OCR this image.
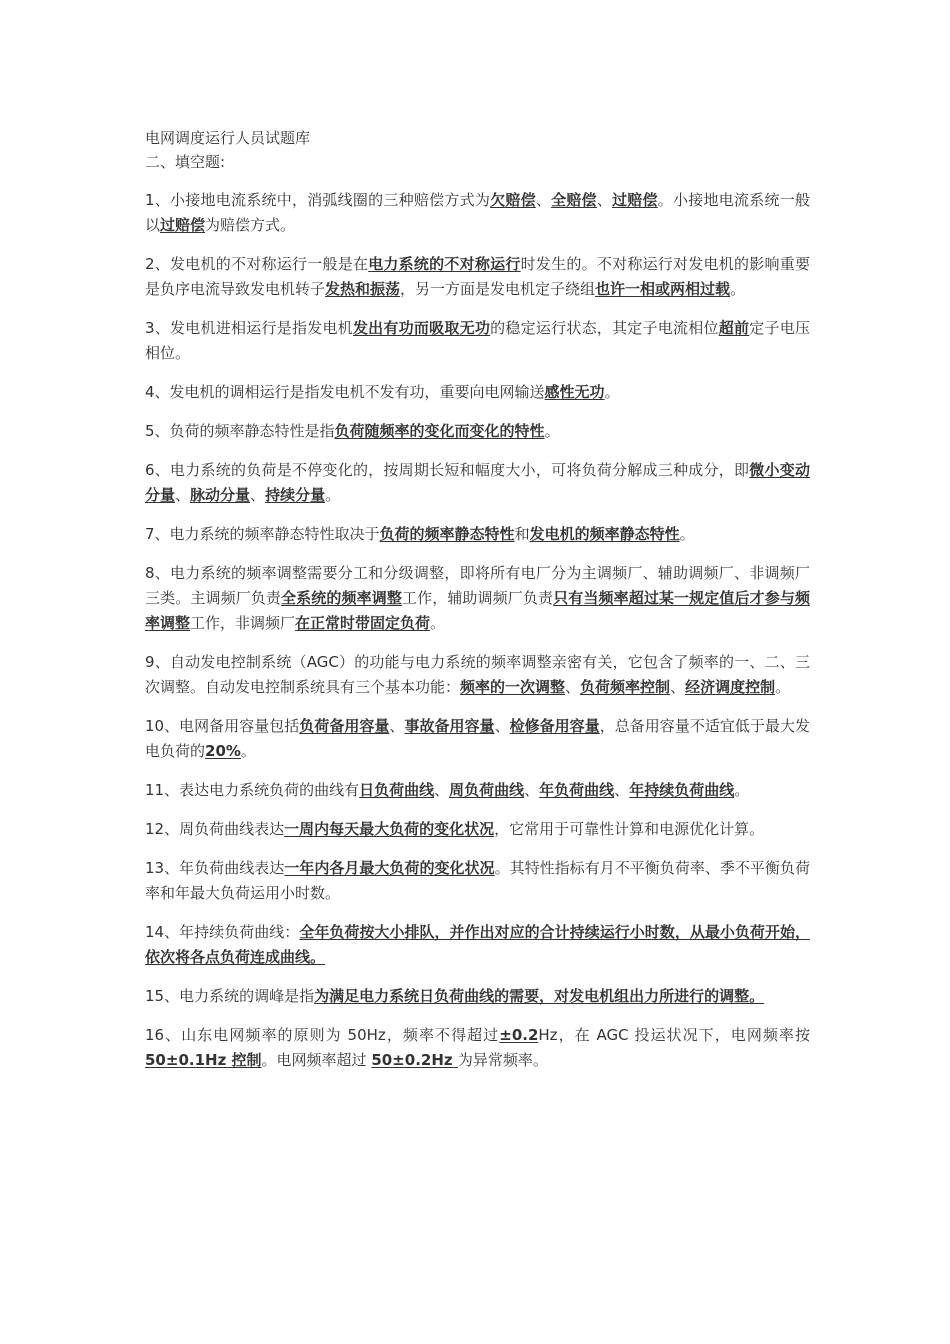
电网调度运行人员试题库
二、填空题:

1、小接地电流系统中，消弧线圈的三种赔偿方式为欠赔偿、全赔偿、过赔偿。小接地电流系统一般以过赔偿为赔偿方式。

2、发电机的不对称运行一般是在电力系统的不对称运行时发生的。不对称运行对发电机的影响重要是负序电流导致发电机转子发热和振荡，另一方面是发电机定子绕组也许一相或两相过载。

3、发电机进相运行是指发电机发出有功而吸取无功的稳定运行状态，其定子电流相位超前定子电压相位。

4、发电机的调相运行是指发电机不发有功，重要向电网输送感性无功。

5、负荷的频率静态特性是指负荷随频率的变化而变化的特性。

6、电力系统的负荷是不停变化的，按周期长短和幅度大小，可将负荷分解成三种成分，即微小变动分量、脉动分量、持续分量。

7、电力系统的频率静态特性取决于负荷的频率静态特性和发电机的频率静态特性。

8、电力系统的频率调整需要分工和分级调整，即将所有电厂分为主调频厂、辅助调频厂、非调频厂三类。主调频厂负责全系统的频率调整工作，辅助调频厂负责只有当频率超过某一规定值后才参与频率调整工作，非调频厂在正常时带固定负荷。

9、自动发电控制系统（AGC）的功能与电力系统的频率调整亲密有关，它包含了频率的一、二、三次调整。自动发电控制系统具有三个基本功能：频率的一次调整、负荷频率控制、经济调度控制。

10、电网备用容量包括负荷备用容量、事故备用容量、检修备用容量，总备用容量不适宜低于最大发电负荷的20%。

11、表达电力系统负荷的曲线有日负荷曲线、周负荷曲线、年负荷曲线、年持续负荷曲线。

12、周负荷曲线表达一周内每天最大负荷的变化状况，它常用于可靠性计算和电源优化计算。

13、年负荷曲线表达一年内各月最大负荷的变化状况。其特性指标有月不平衡负荷率、季不平衡负荷率和年最大负荷运用小时数。

14、年持续负荷曲线：全年负荷按大小排队，并作出对应的合计持续运行小时数，从最小负荷开始，依次将各点负荷连成曲线。

15、电力系统的调峰是指为满足电力系统日负荷曲线的需要，对发电机组出力所进行的调整。

16、山东电网频率的原则为 50Hz，频率不得超过±0.2Hz，在 AGC 投运状况下，电网频率按 50±0.1Hz 控制。电网频率超过 50±0.2Hz 为异常频率。
